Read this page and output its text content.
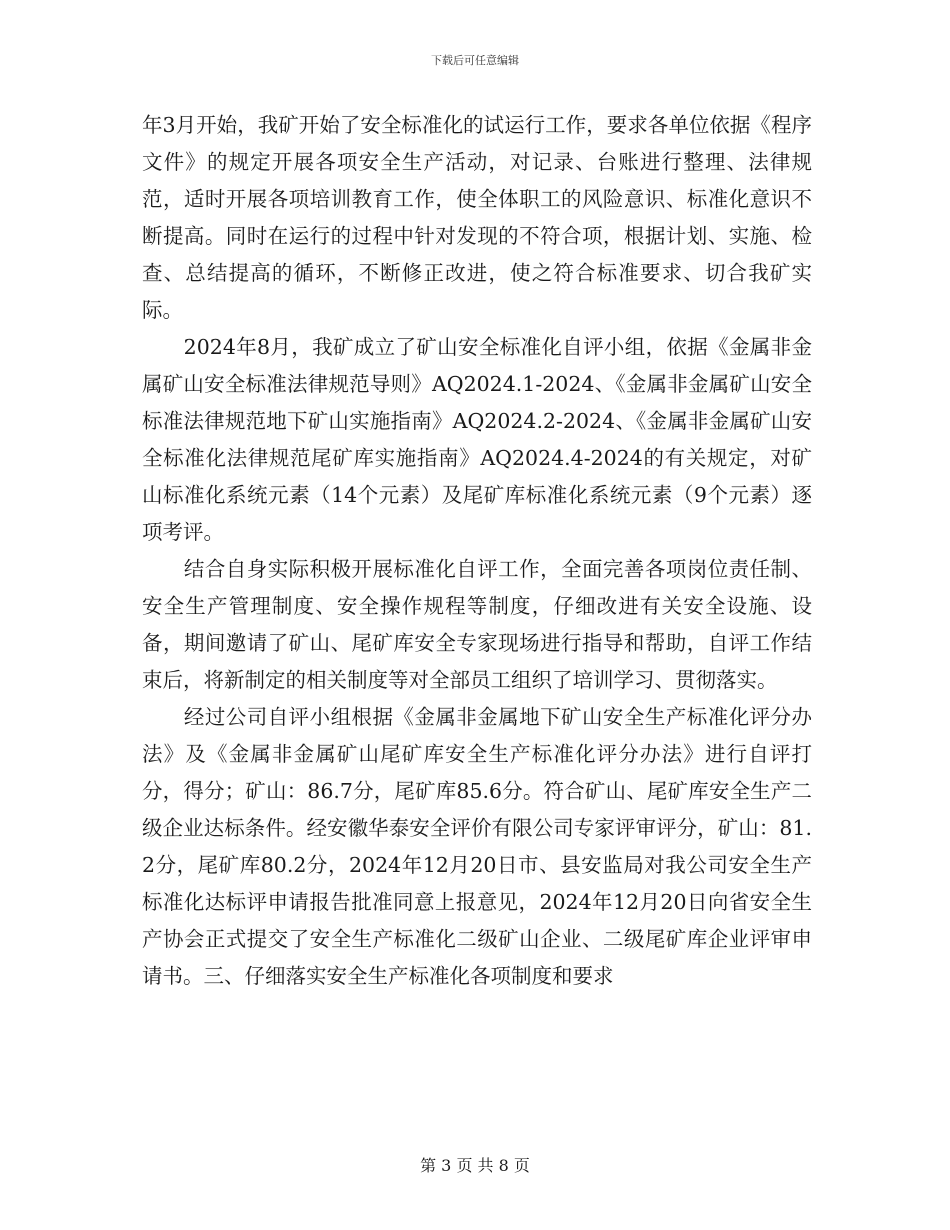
下载后可任意编辑

年3月开始，我矿开始了安全标准化的试运行工作，要求各单位依据《程序文件》的规定开展各项安全生产活动，对记录、台账进行整理、法律规范，适时开展各项培训教育工作，使全体职工的风险意识、标准化意识不断提高。同时在运行的过程中针对发现的不符合项，根据计划、实施、检查、总结提高的循环，不断修正改进，使之符合标准要求、切合我矿实际。

　　2024年8月，我矿成立了矿山安全标准化自评小组，依据《金属非金属矿山安全标准法律规范导则》AQ2024.1-2024、《金属非金属矿山安全标准法律规范地下矿山实施指南》AQ2024.2-2024、《金属非金属矿山安全标准化法律规范尾矿库实施指南》AQ2024.4-2024的有关规定，对矿山标准化系统元素（14个元素）及尾矿库标准化系统元素（9个元素）逐项考评。

　　结合自身实际积极开展标准化自评工作，全面完善各项岗位责任制、安全生产管理制度、安全操作规程等制度，仔细改进有关安全设施、设备，期间邀请了矿山、尾矿库安全专家现场进行指导和帮助，自评工作结束后，将新制定的相关制度等对全部员工组织了培训学习、贯彻落实。

　　经过公司自评小组根据《金属非金属地下矿山安全生产标准化评分办法》及《金属非金属矿山尾矿库安全生产标准化评分办法》进行自评打分，得分；矿山：86.7分，尾矿库85.6分。符合矿山、尾矿库安全生产二级企业达标条件。经安徽华泰安全评价有限公司专家评审评分，矿山：81.2分，尾矿库80.2分，2024年12月20日市、县安监局对我公司安全生产标准化达标评申请报告批准同意上报意见，2024年12月20日向省安全生产协会正式提交了安全生产标准化二级矿山企业、二级尾矿库企业评审申请书。三、仔细落实安全生产标准化各项制度和要求

第 3 页 共 8 页
